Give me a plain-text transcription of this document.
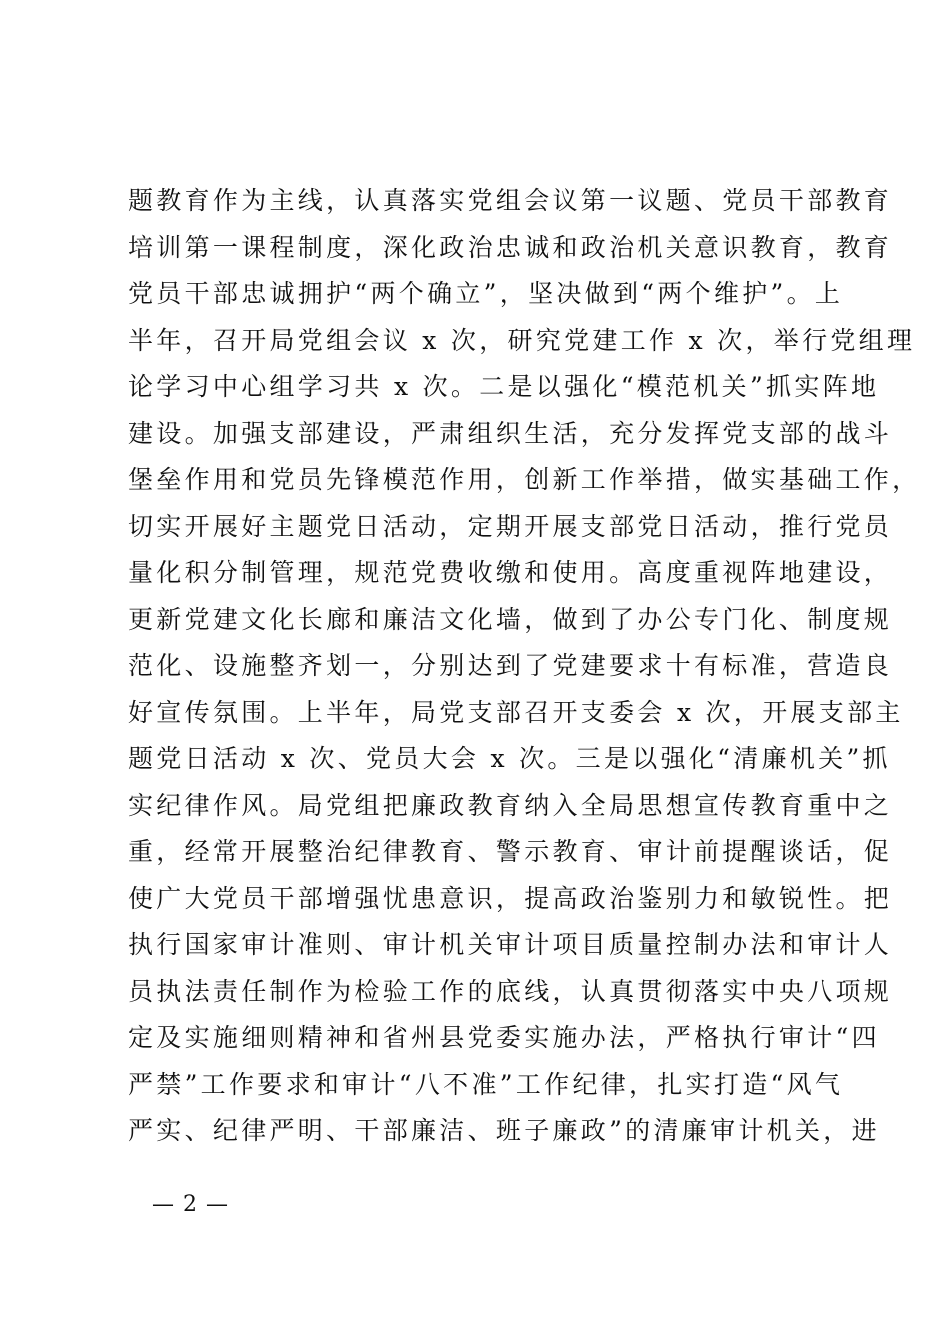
题教育作为主线，认真落实党组会议第一议题、党员干部教育
培训第一课程制度，深化政治忠诚和政治机关意识教育，教育
党员干部忠诚拥护“两个确立”，坚决做到“两个维护”。上
半年，召开局党组会议 x 次，研究党建工作 x 次，举行党组理
论学习中心组学习共 x 次。二是以强化“模范机关”抓实阵地
建设。加强支部建设，严肃组织生活，充分发挥党支部的战斗
堡垒作用和党员先锋模范作用，创新工作举措，做实基础工作，
切实开展好主题党日活动，定期开展支部党日活动，推行党员
量化积分制管理，规范党费收缴和使用。高度重视阵地建设，
更新党建文化长廊和廉洁文化墙，做到了办公专门化、制度规
范化、设施整齐划一，分别达到了党建要求十有标准，营造良
好宣传氛围。上半年，局党支部召开支委会 x 次，开展支部主
题党日活动 x 次、党员大会 x 次。三是以强化“清廉机关”抓
实纪律作风。局党组把廉政教育纳入全局思想宣传教育重中之
重，经常开展整治纪律教育、警示教育、审计前提醒谈话，促
使广大党员干部增强忧患意识，提高政治鉴别力和敏锐性。把
执行国家审计准则、审计机关审计项目质量控制办法和审计人
员执法责任制作为检验工作的底线，认真贯彻落实中央八项规
定及实施细则精神和省州县党委实施办法，严格执行审计“四
严禁”工作要求和审计“八不准”工作纪律，扎实打造“风气
严实、纪律严明、干部廉洁、班子廉政”的清廉审计机关，进
— 2 —
